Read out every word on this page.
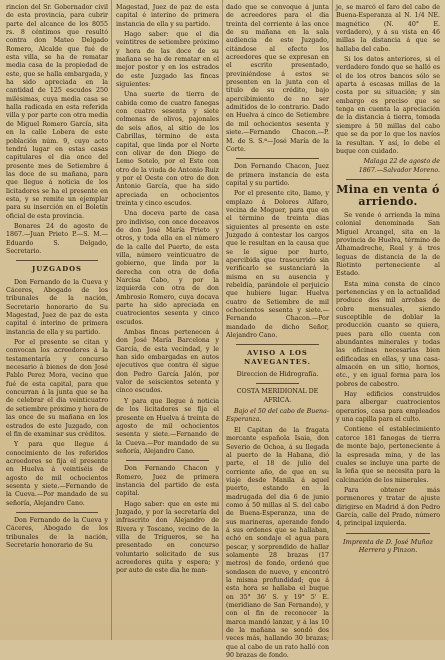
rincion del Sr. Gobernador civil de esta provincia, para cubrir parte del alcance de los 8055 rs. 8 céntimos que resultó contra don Mateo Delgado Romero, Alcalde que fué de esta villa, se ha de rematar media casa de la propiedad de este, que se halla embargada, y ha sido apreciada en la cantidad de 125 escudos 250 milésimas, cuya media casa se halla radicada en esta referida villa y por parte con otra media de Miguel Romero García, sita en la calle Lobera de este población núm. 9, cuyo acto tendrá lugar en estas casas capitulares el dia once del presente mes de Setiembre á las doce de su mañana, para que llegue á noticia de los licitadores se ha el presente en esta, y se remite un ejemplar para su inserción en el Boletín oficial de esta provincia.

Bonares 24 de agosto de 1867.—Juan Prieto P.—S. M.—Eduardo S. Delgado, Secretario.

JUZGADOS

Don Fernando de la Cueva y Cáceres, Abogado de los tribunales de la nación, Secretario honorario de Su Magestad, Juez de paz de esta capital é interino de primera instancia de ella y su partido.

Por el presente se citan y convocan los acreedores á la testamentaría y concurso necesario á bienes de don José Pablo Perez Mora, vecino que fué de esta capital, para que concurran á la junta que se ha de celebrar el dia veinticuatro de setiembre próximo y hora de las once de su mañana en los estrados de este Juzgado, con el fin de examinar sus créditos.

Y para que llegue á conocimiento de los referidos acreedores se fija el presente en Huelva á veintiséis de agosto de mil ochocientos sesenta y siete.—Fernando de la Cueva.—Por mandado de su señoría, Alejandro Cano.

Don Fernando de la Cueva y Cáceres, Abogado de los tribunales de la nación, Secretario honorario de Su

Magestad, Juez de paz de esta capital é interino de primera instancia de ella y su partido.

Hago saber: que el dia veintitres de setiembre próximo y hora de las doce de su mañana se ha de rematar en el mejor postor y en los estrados de este Juzgado las fincas siguientes:

Una suerte de tierra de cabida como de cuatro fanegas con cuatro sesenta y siete colmenas de olivos, pajonales de seis años, al sitio de los Cabrillas, término de esta capital, que linda por el Norte con olivar de don Diego de Lemo Sotelo, por el Este con otro de la viuda de Antonio Ruiz y por el Oeste con otro de don Antonio García, que ha sido apreciada en ochocientos treinta y cinco escudos.

Una doceva parte de casa pro indiviso, con once doceavos de don José María Prieto y otros, y toda ella en el número de la calle del Puerto, de esta villa, número veinticuatro de gobierno, que linda por la derecha con otra de doña Narcisa Cabo, y por la izquierda con otra de don Ambrosio Romero, cuya docava parte ha sido apreciada en cuatrocientos sesenta y cinco escudos.

Ambas fincas pertenecen á don José María Barcelona y García, de esta vecindad, y le han sido embargadas en autos ejecutivos que contra él sigue don Pedro García Jalón, por valor de seiscientos setenta y cinco escudos.

Y para que llegue á noticia de los licitadores se fija el presente en Huelva á treinta de agosto de mil ochocientos sesenta y siete.—Fernando de la Cueva.—Por mandado de su señoría, Alejandro Cano.

Don Fernando Chacon y Romero, Juez de primera instancia del partido de esta capital.

Hago saber: que en este mi Juzgado, y por la secretaría del infrascrito don Alejandro de Rivera y Toscano, vecino de la villa de Trigueros, se ha presentado en concurso voluntario solicitado de sus acreedores quita y espera; y por auto de este dia he man-

dado que se convoque á junta de acreedores para el dia treinta del corriente á las once de su mañana en la sala audiencia de este Juzgado, citándose al efecto los acreedores que se expresan en el escrito presentado, previniéndose á estos se presenten en la junta con el título de su crédito, bajo apercibimiento de no ser admitidos de lo contrario. Dado en Huelva á cinco de Setiembre de mil ochocientos sesenta y siete.—Fernando Chacon.—P. M. de S. S.ª—José María de la Corte.

Don Fernando Chacon, Juez de primera instancia de esta capital y su partido.

Por el presente cito, llamo, y emplazo á Dolores Alfaro, vecina de Moguer, para que en el término de treinta dias siguientes al presente en este Juzgado á contestar los cargos que le resultan en la causa que se le sigue por hurto, apercibida que trascurrido sin verificarlo se sustanciará la misma en su ausencia y rebeldía, parándole el perjuicio que hubiere lugar. Huelva cuatro de Setiembre de mil ochocientos sesenta y siete.—Fernando Chacon.—Por mandado de dicho Señor, Alejandro Cano.

AVISO A LOS NAVEGANTES.
Direccion de Hidrografía.
COSTA MERIDIONAL DE AFRICA.

Bajo el 50 del cabo de Buena-Esperanza.

El Capitan de la fragata mercante española Isaia, don Severio de Ochoa, á su llegada al puerto de la Habana, dió parte, el 18 de julio del corriente año, de que en su viaje desde Manila á aquel puerto, estando en la madrugada del dia 6 de junio como á 50 millas al S. del cabo de Buena-Esperanza, una de sus marineras, aperando fondo á sus ordenes que se hallaban, echó en sondaje el agua para pescar, y sorprendido de hallar solamente 28 brazas (17 metros) de fondo, ordenó que sondasen de nuevo, y encontró la misma profundidad; que á esta hora se hallaba el buque en 35° 36' S. y 19° 5' E. (meridiano de San Fernando), y con el fin de reconocer la marca mandó lanzar, y á las 10 de la mañana se sondó dos veces más, hallando 30 brazas; que al cabo de un rato halló con 90 brazas de fondo.

je, se marcó el faro del cabo de Buena-Esperanza al N. 1/4 NE. magnético (N. 40° E. verdadero), y á su vista en 46 millas la distancia á que se hallaba del cabo.

Si los datos anteriores, si el verdadero fondo que se halló es el de los otros bancos sólo se aparta á escasas millas de la costa por su situación; y sin embargo es preciso que se tenga en cuenta la apreciación de la distancia á tierra, tomada siempre á 50 millas del cabo que se da por lo que los navíos la resultan. Y así, lo debe el buque con cuidado.

Malaga 22 de agosto de 1867.—Salvador Moreno.

Mina en venta ó arriendo.

Se vende ó arrienda la mina colonial denominada San Miguel Arcangel, sita en la provincia de Huelva, término de Alhamadreche, Real y á tres leguas de distancia de la de Riotinto perteneciente al Estado.

Esta mina consta de cinco pertenencias y en la actualidad produce dos mil arrobas de cobre mensuales, siendo susceptible de doblar la producción cuanto se quiera, pues para ello cuenta con abundantes minerales y todas las oficinas necesarias bien edificadas en ellas, y una casa-almacén en un sitio, hornos, etc., y en igual forma para los pobres de cabestro.

Hay edificios construidos para albergar cuatrocientos operarios, casa para empleados y una capilla para el culto.

Contiene el establecimiento catorce 181 fanegas de tierra de monte bajo, perteneciente á la espresada mina, y de las cuales se incluye una parte de la leña que se necesita para la calcinación de los minerales.

Para obtener más pormenores y tratar de ajuste dirigirse en Madrid á don Pedro García, calle del Prado, número 4, principal izquierda.

Imprenta de D. José Muñoz Herrera y Pinzon.
